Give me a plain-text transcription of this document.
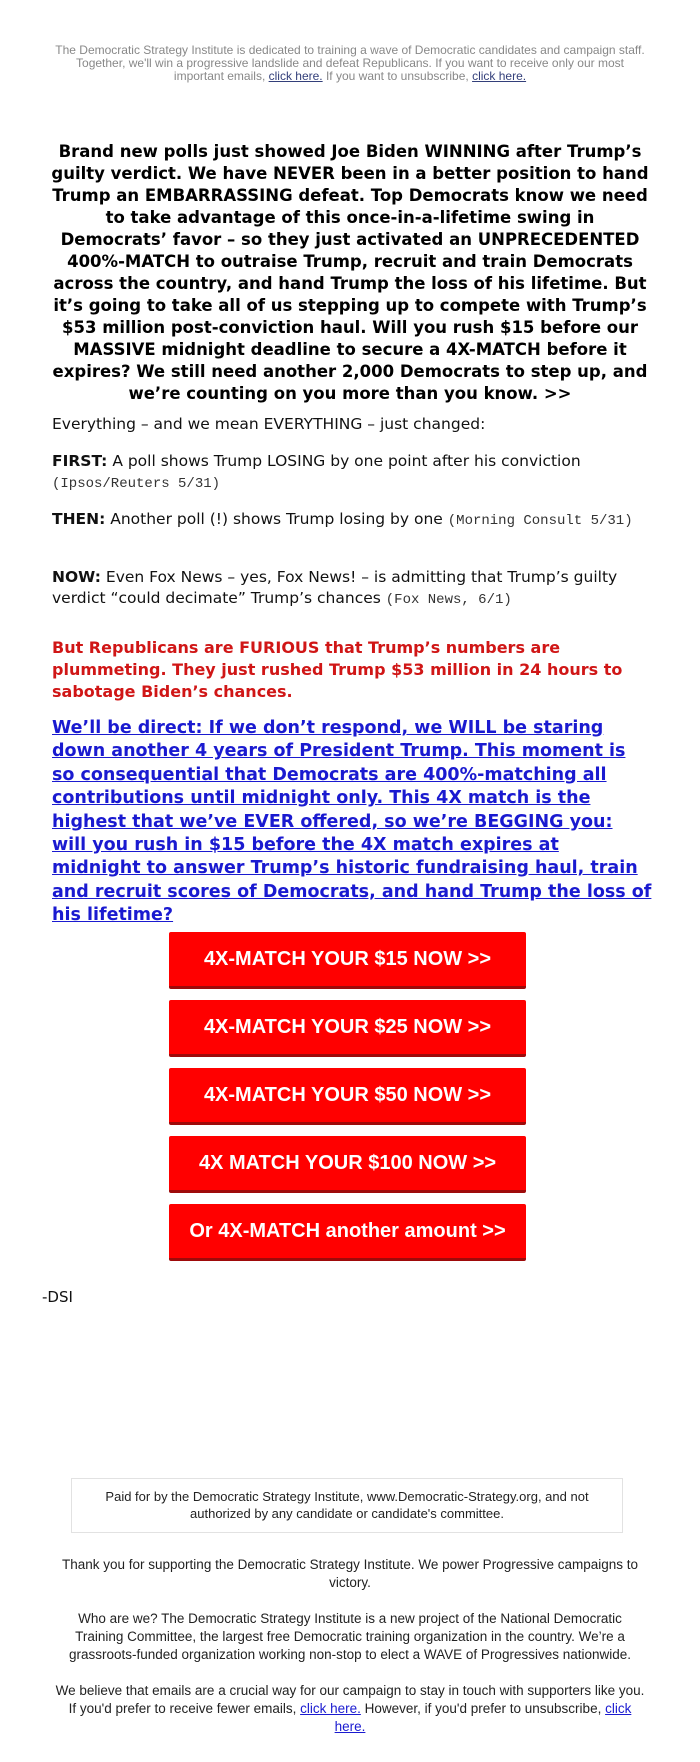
The Democratic Strategy Institute is dedicated to training a wave of Democratic candidates and campaign staff. Together, we'll win a progressive landslide and defeat Republicans. If you want to receive only our most important emails, click here. If you want to unsubscribe, click here.
Brand new polls just showed Joe Biden WINNING after Trump’s guilty verdict. We have NEVER been in a better position to hand Trump an EMBARRASSING defeat. Top Democrats know we need to take advantage of this once-in-a-lifetime swing in Democrats’ favor – so they just activated an UNPRECEDENTED 400%-MATCH to outraise Trump, recruit and train Democrats across the country, and hand Trump the loss of his lifetime. But it’s going to take all of us stepping up to compete with Trump’s $53 million post-conviction haul. Will you rush $15 before our MASSIVE midnight deadline to secure a 4X-MATCH before it expires? We still need another 2,000 Democrats to step up, and we’re counting on you more than you know. >>
Everything – and we mean EVERYTHING – just changed:
FIRST: A poll shows Trump LOSING by one point after his conviction (Ipsos/Reuters 5/31)
THEN: Another poll (!) shows Trump losing by one (Morning Consult 5/31)
NOW: Even Fox News – yes, Fox News! – is admitting that Trump’s guilty verdict “could decimate” Trump’s chances (Fox News, 6/1)
But Republicans are FURIOUS that Trump’s numbers are plummeting. They just rushed Trump $53 million in 24 hours to sabotage Biden’s chances.
We’ll be direct: If we don’t respond, we WILL be staring down another 4 years of President Trump. This moment is so consequential that Democrats are 400%-matching all contributions until midnight only. This 4X match is the highest that we’ve EVER offered, so we’re BEGGING you: will you rush in $15 before the 4X match expires at midnight to answer Trump’s historic fundraising haul, train and recruit scores of Democrats, and hand Trump the loss of his lifetime?
4X-MATCH YOUR $15 NOW >>
4X-MATCH YOUR $25 NOW >>
4X-MATCH YOUR $50 NOW >>
4X MATCH YOUR $100 NOW >>
Or 4X-MATCH another amount >>
-DSI
Paid for by the Democratic Strategy Institute, www.Democratic-Strategy.org, and not authorized by any candidate or candidate's committee.
Thank you for supporting the Democratic Strategy Institute. We power Progressive campaigns to victory.
Who are we? The Democratic Strategy Institute is a new project of the National Democratic Training Committee, the largest free Democratic training organization in the country. We’re a grassroots-funded organization working non-stop to elect a WAVE of Progressives nationwide.
We believe that emails are a crucial way for our campaign to stay in touch with supporters like you. If you'd prefer to receive fewer emails, click here. However, if you'd prefer to unsubscribe, click here.
